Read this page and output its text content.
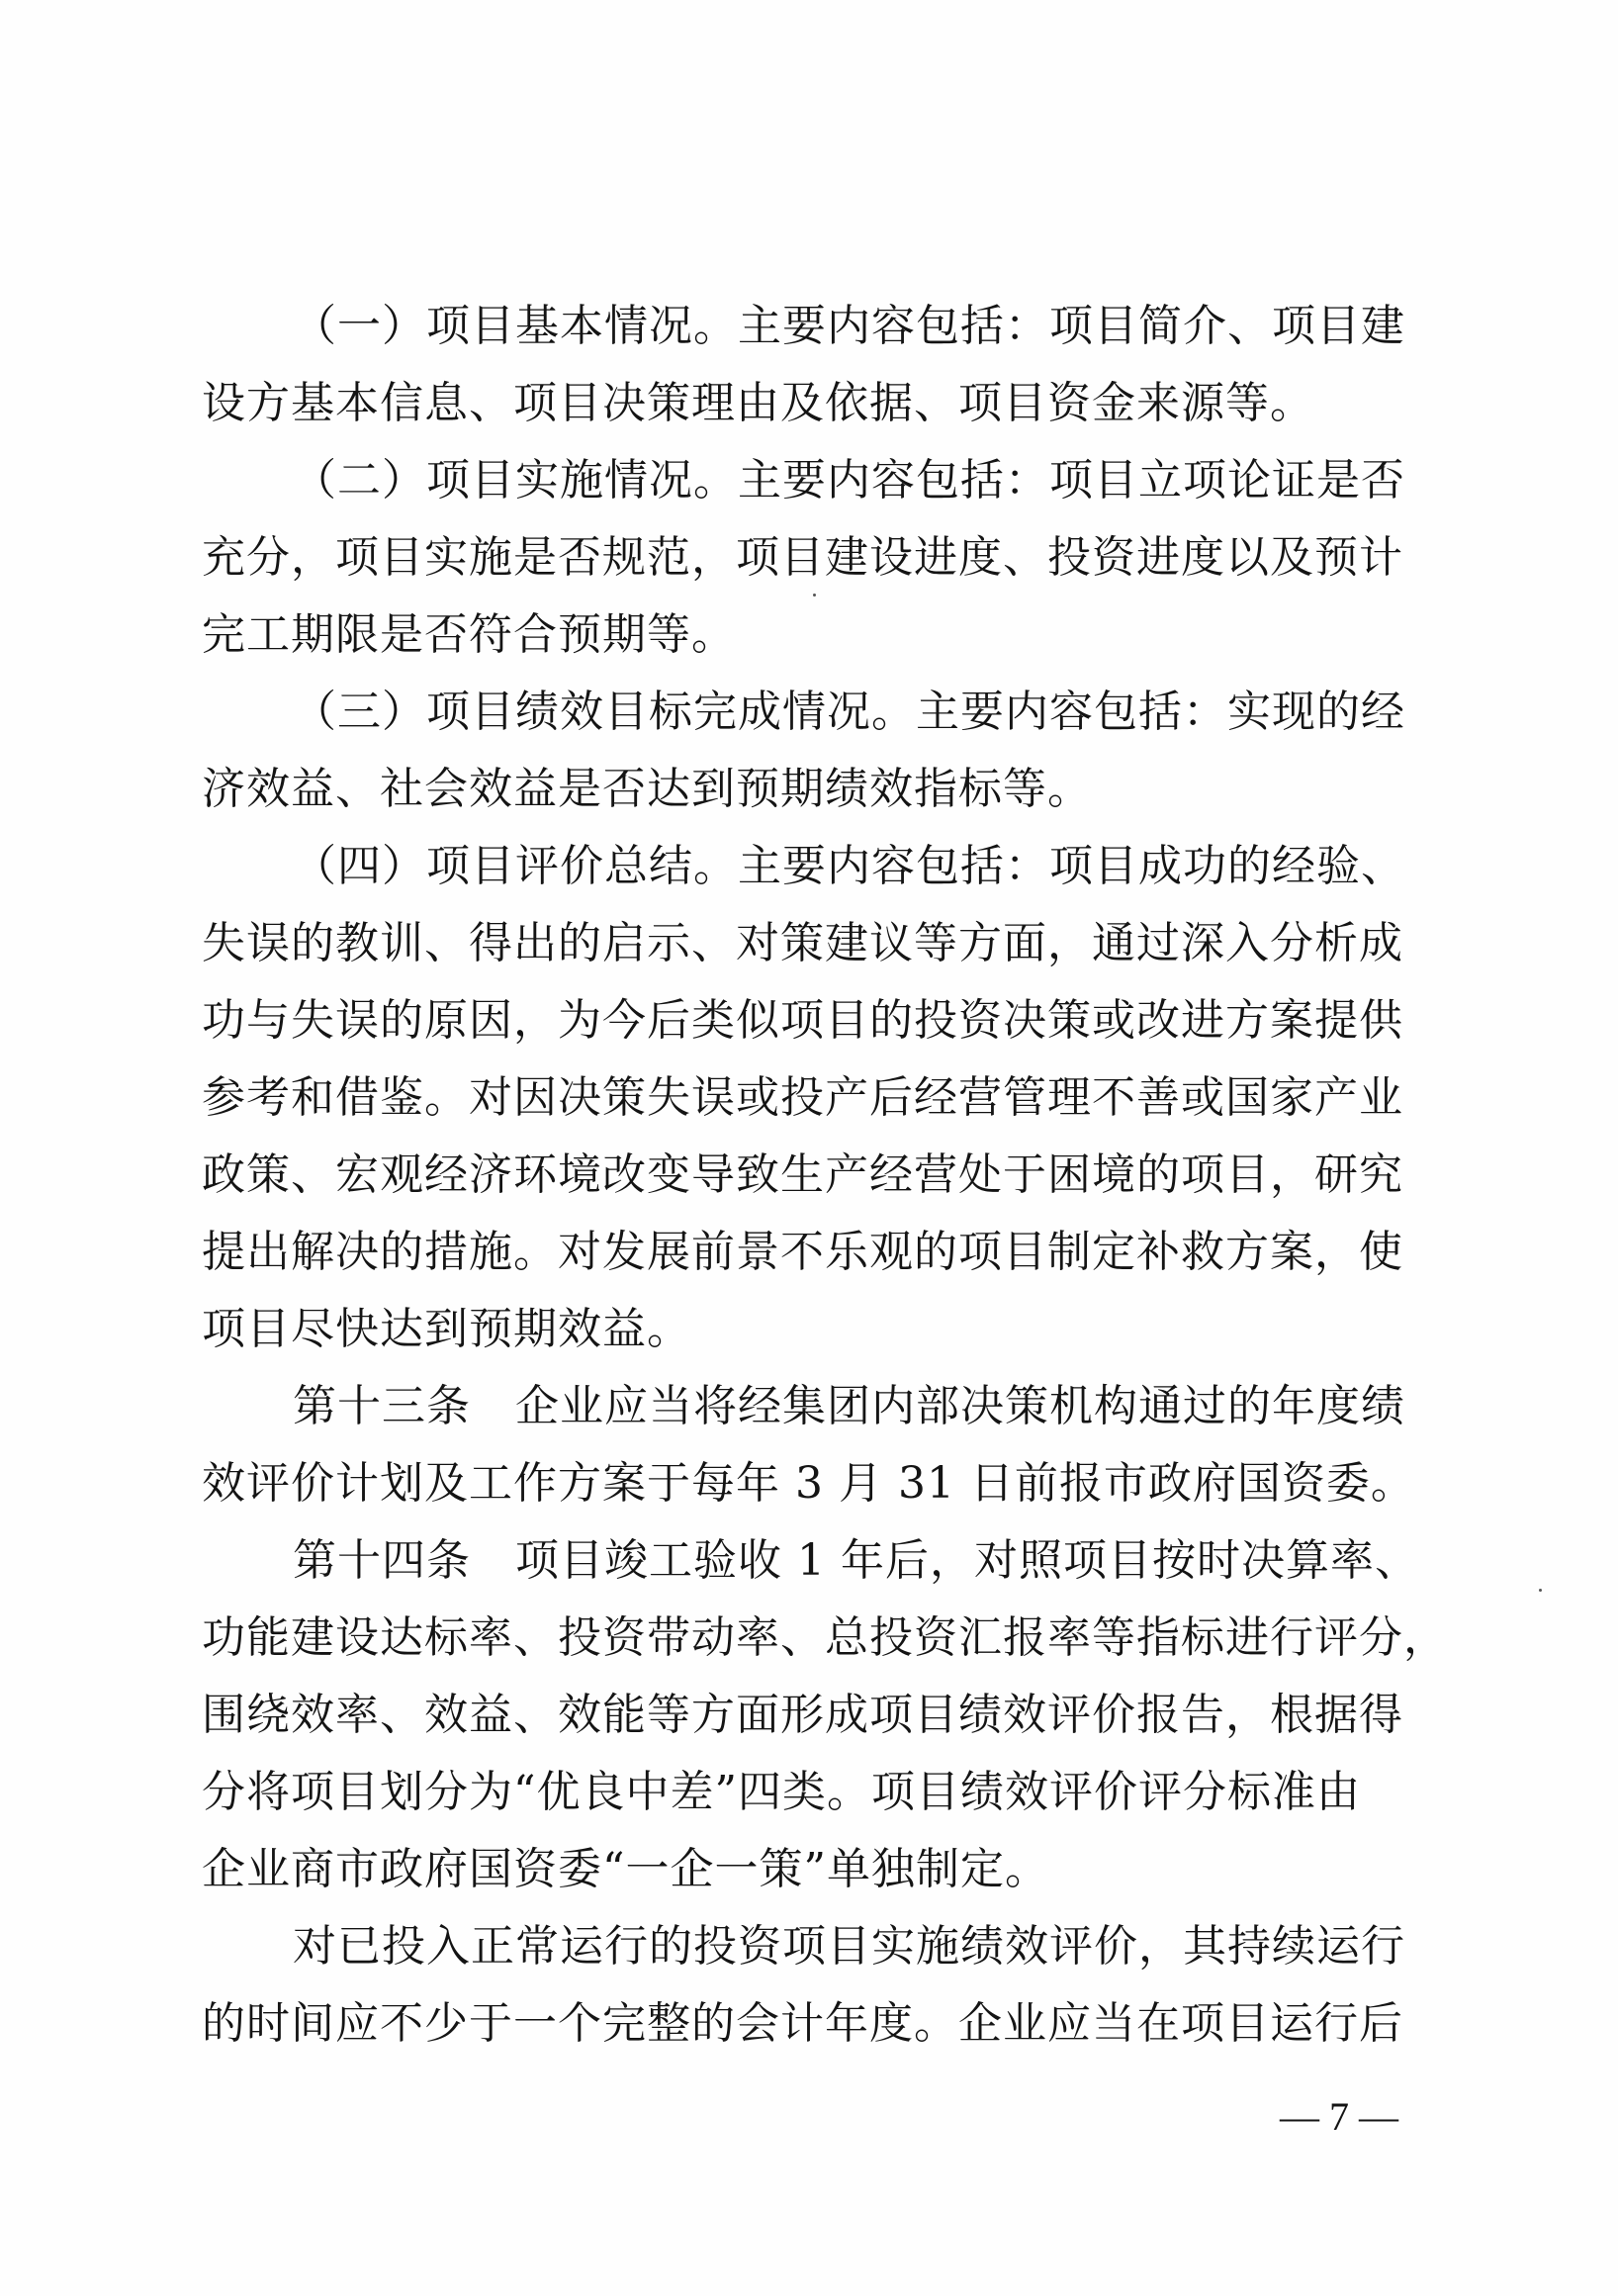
（一）项目基本情况。主要内容包括：项目简介、项目建
设方基本信息、项目决策理由及依据、项目资金来源等。
（二）项目实施情况。主要内容包括：项目立项论证是否
充分，项目实施是否规范，项目建设进度、投资进度以及预计
完工期限是否符合预期等。
（三）项目绩效目标完成情况。主要内容包括：实现的经
济效益、社会效益是否达到预期绩效指标等。
（四）项目评价总结。主要内容包括：项目成功的经验、
失误的教训、得出的启示、对策建议等方面，通过深入分析成
功与失误的原因，为今后类似项目的投资决策或改进方案提供
参考和借鉴。对因决策失误或投产后经营管理不善或国家产业
政策、宏观经济环境改变导致生产经营处于困境的项目，研究
提出解决的措施。对发展前景不乐观的项目制定补救方案，使
项目尽快达到预期效益。
第十三条　企业应当将经集团内部决策机构通过的年度绩
效评价计划及工作方案于每年 3 月 31 日前报市政府国资委。
第十四条　项目竣工验收 1 年后，对照项目按时决算率、
功能建设达标率、投资带动率、总投资汇报率等指标进行评分，
围绕效率、效益、效能等方面形成项目绩效评价报告，根据得
分将项目划分为“优良中差”四类。项目绩效评价评分标准由
企业商市政府国资委“一企一策”单独制定。
对已投入正常运行的投资项目实施绩效评价，其持续运行
的时间应不少于一个完整的会计年度。企业应当在项目运行后
— 7 —
